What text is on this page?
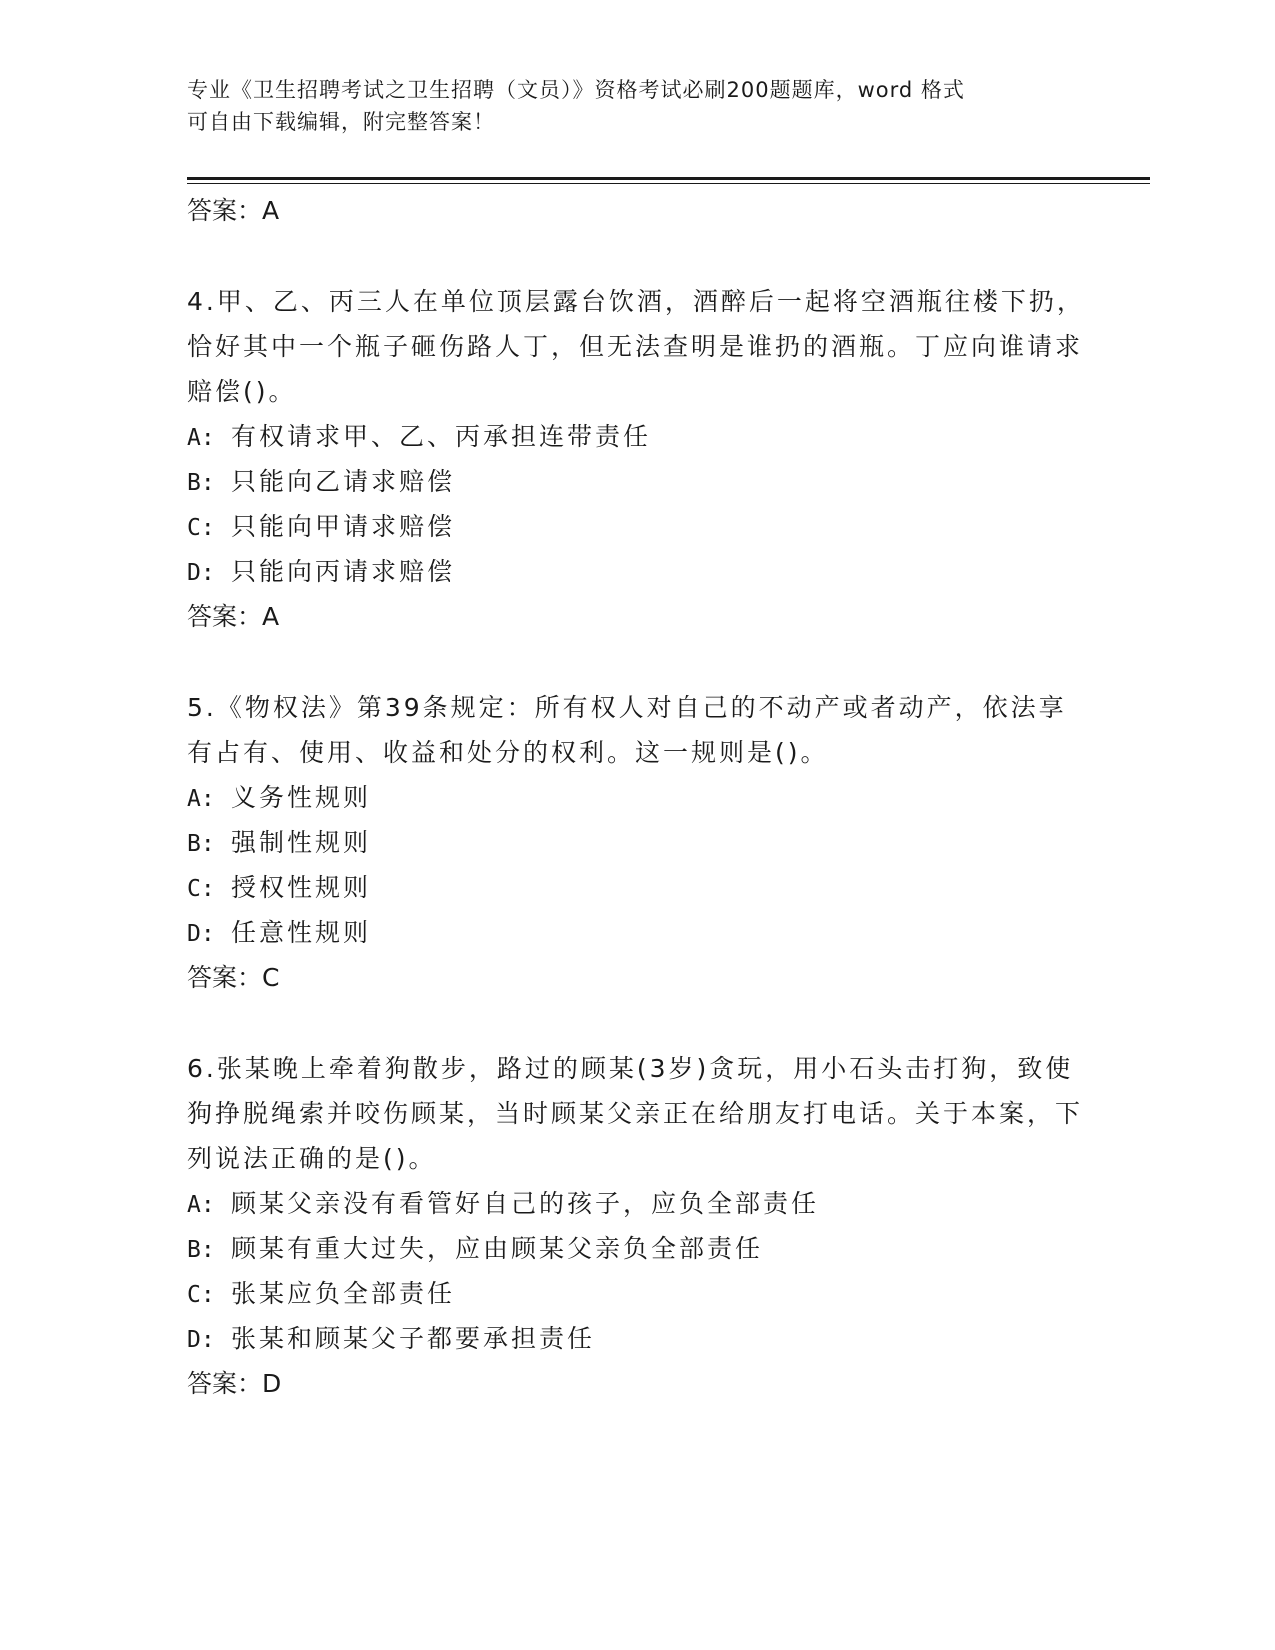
专业《卫生招聘考试之卫生招聘（文员）》资格考试必刷200题题库，word 格式
可自由下载编辑，附完整答案！
答案：A
4.甲、乙、丙三人在单位顶层露台饮酒，酒醉后一起将空酒瓶往楼下扔，恰好其中一个瓶子砸伤路人丁，但无法查明是谁扔的酒瓶。丁应向谁请求赔偿()。
A: 有权请求甲、乙、丙承担连带责任
B: 只能向乙请求赔偿
C: 只能向甲请求赔偿
D: 只能向丙请求赔偿
答案：A
5.《物权法》第39条规定：所有权人对自己的不动产或者动产，依法享有占有、使用、收益和处分的权利。这一规则是()。
A: 义务性规则
B: 强制性规则
C: 授权性规则
D: 任意性规则
答案：C
6.张某晚上牵着狗散步，路过的顾某(3岁)贪玩，用小石头击打狗，致使狗挣脱绳索并咬伤顾某，当时顾某父亲正在给朋友打电话。关于本案，下列说法正确的是()。
A: 顾某父亲没有看管好自己的孩子，应负全部责任
B: 顾某有重大过失，应由顾某父亲负全部责任
C: 张某应负全部责任
D: 张某和顾某父子都要承担责任
答案：D
